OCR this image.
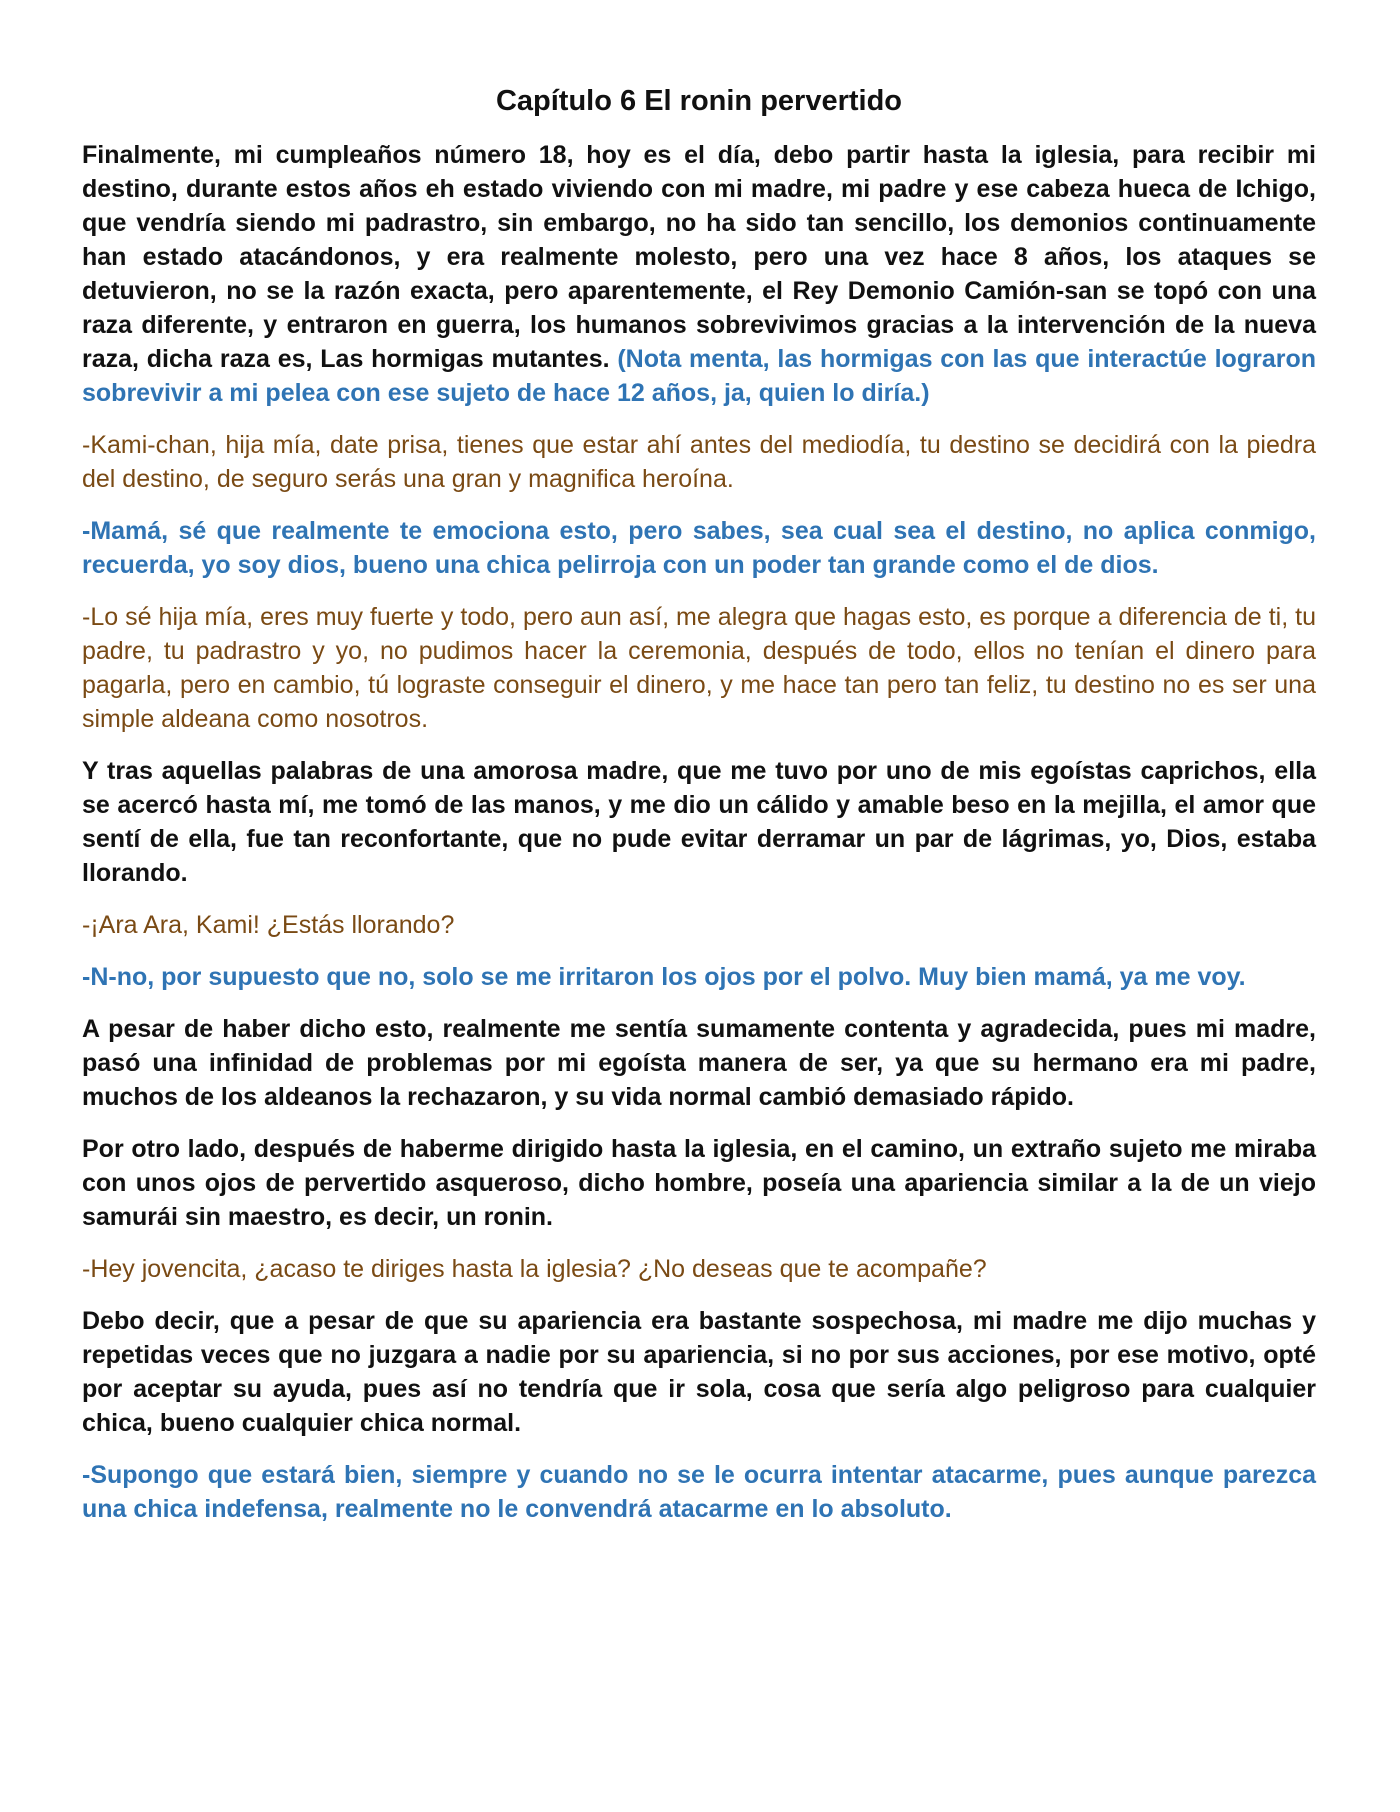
Capítulo 6 El ronin pervertido

Finalmente, mi cumpleaños número 18, hoy es el día, debo partir hasta la iglesia, para recibir mi destino, durante estos años eh estado viviendo con mi madre, mi padre y ese cabeza hueca de Ichigo, que vendría siendo mi padrastro, sin embargo, no ha sido tan sencillo, los demonios continuamente han estado atacándonos, y era realmente molesto, pero una vez hace 8 años, los ataques se detuvieron, no se la razón exacta, pero aparentemente, el Rey Demonio Camión-san se topó con una raza diferente, y entraron en guerra, los humanos sobrevivimos gracias a la intervención de la nueva raza, dicha raza es, Las hormigas mutantes. (Nota menta, las hormigas con las que interactúe lograron sobrevivir a mi pelea con ese sujeto de hace 12 años, ja, quien lo diría.)

-Kami-chan, hija mía, date prisa, tienes que estar ahí antes del mediodía, tu destino se decidirá con la piedra del destino, de seguro serás una gran y magnifica heroína.

-Mamá, sé que realmente te emociona esto, pero sabes, sea cual sea el destino, no aplica conmigo, recuerda, yo soy dios, bueno una chica pelirroja con un poder tan grande como el de dios.

-Lo sé hija mía, eres muy fuerte y todo, pero aun así, me alegra que hagas esto, es porque a diferencia de ti, tu padre, tu padrastro y yo, no pudimos hacer la ceremonia, después de todo, ellos no tenían el dinero para pagarla, pero en cambio, tú lograste conseguir el dinero, y me hace tan pero tan feliz, tu destino no es ser una simple aldeana como nosotros.

Y tras aquellas palabras de una amorosa madre, que me tuvo por uno de mis egoístas caprichos, ella se acercó hasta mí, me tomó de las manos, y me dio un cálido y amable beso en la mejilla, el amor que sentí de ella, fue tan reconfortante, que no pude evitar derramar un par de lágrimas, yo, Dios, estaba llorando.

-¡Ara Ara, Kami! ¿Estás llorando?

-N-no, por supuesto que no, solo se me irritaron los ojos por el polvo. Muy bien mamá, ya me voy.

A pesar de haber dicho esto, realmente me sentía sumamente contenta y agradecida, pues mi madre, pasó una infinidad de problemas por mi egoísta manera de ser, ya que su hermano era mi padre, muchos de los aldeanos la rechazaron, y su vida normal cambió demasiado rápido.

Por otro lado, después de haberme dirigido hasta la iglesia, en el camino, un extraño sujeto me miraba con unos ojos de pervertido asqueroso, dicho hombre, poseía una apariencia similar a la de un viejo samurái sin maestro, es decir, un ronin.

-Hey jovencita, ¿acaso te diriges hasta la iglesia? ¿No deseas que te acompañe?

Debo decir, que a pesar de que su apariencia era bastante sospechosa, mi madre me dijo muchas y repetidas veces que no juzgara a nadie por su apariencia, si no por sus acciones, por ese motivo, opté por aceptar su ayuda, pues así no tendría que ir sola, cosa que sería algo peligroso para cualquier chica, bueno cualquier chica normal.

-Supongo que estará bien, siempre y cuando no se le ocurra intentar atacarme, pues aunque parezca una chica indefensa, realmente no le convendrá atacarme en lo absoluto.
